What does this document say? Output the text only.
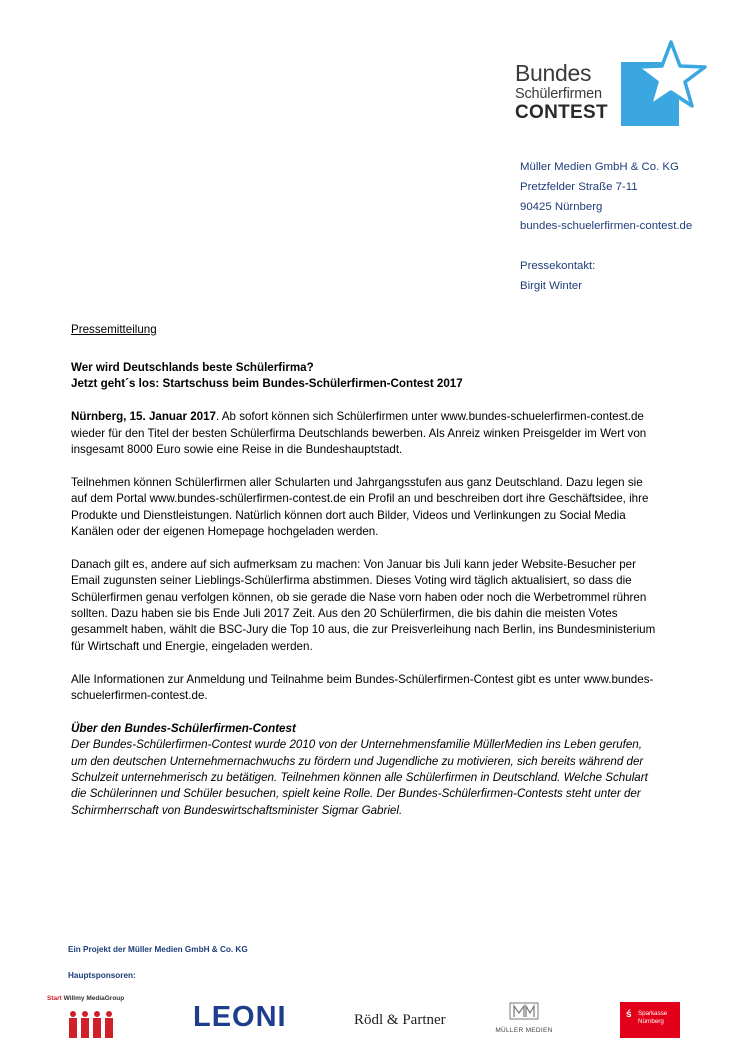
Bundes
Schülerfirmen
CONTEST
Müller Medien GmbH & Co. KG
Pretzfelder Straße 7-11
90425 Nürnberg
bundes-schuelerfirmen-contest.de
Pressekontakt:
Birgit Winter
Pressemitteilung

Wer wird Deutschlands beste Schülerfirma?
Jetzt geht´s los: Startschuss beim Bundes-Schülerfirmen-Contest 2017

Nürnberg, 15. Januar 2017. Ab sofort können sich Schülerfirmen unter www.bundes-schuelerfirmen-contest.de wieder für den Titel der besten Schülerfirma Deutschlands bewerben. Als Anreiz winken Preisgelder im Wert von insgesamt 8000 Euro sowie eine Reise in die Bundeshauptstadt.

Teilnehmen können Schülerfirmen aller Schularten und Jahrgangsstufen aus ganz Deutschland. Dazu legen sie auf dem Portal www.bundes-schülerfirmen-contest.de ein Profil an und beschreiben dort ihre Geschäftsidee, ihre Produkte und Dienstleistungen. Natürlich können dort auch Bilder, Videos und Verlinkungen zu Social Media Kanälen oder der eigenen Homepage hochgeladen werden.

Danach gilt es, andere auf sich aufmerksam zu machen: Von Januar bis Juli kann jeder Website-Besucher per Email zugunsten seiner Lieblings-Schülerfirma abstimmen. Dieses Voting wird täglich aktualisiert, so dass die Schülerfirmen genau verfolgen können, ob sie gerade die Nase vorn haben oder noch die Werbetrommel rühren sollten. Dazu haben sie bis Ende Juli 2017 Zeit. Aus den 20 Schülerfirmen, die bis dahin die meisten Votes gesammelt haben, wählt die BSC-Jury die Top 10 aus, die zur Preisverleihung nach Berlin, ins Bundesministerium für Wirtschaft und Energie, eingeladen werden.

Alle Informationen zur Anmeldung und Teilnahme beim Bundes-Schülerfirmen-Contest gibt es unter www.bundes-schuelerfirmen-contest.de.

Über den Bundes-Schülerfirmen-Contest
Der Bundes-Schülerfirmen-Contest wurde 2010 von der Unternehmensfamilie MüllerMedien ins Leben gerufen, um den deutschen Unternehmernachwuchs zu fördern und Jugendliche zu motivieren, sich bereits während der Schulzeit unternehmerisch zu betätigen. Teilnehmen können alle Schülerfirmen in Deutschland. Welche Schulart die Schülerinnen und Schüler besuchen, spielt keine Rolle. Der Bundes-Schülerfirmen-Contests steht unter der Schirmherrschaft von Bundeswirtschaftsminister Sigmar Gabriel.
Ein Projekt der Müller Medien GmbH & Co. KG
Hauptsponsoren:
Start Willmy MediaGroup
LEONI	Rödl & Partner
MÜLLER MEDIEN
ś Sparkasse
Nürnberg
